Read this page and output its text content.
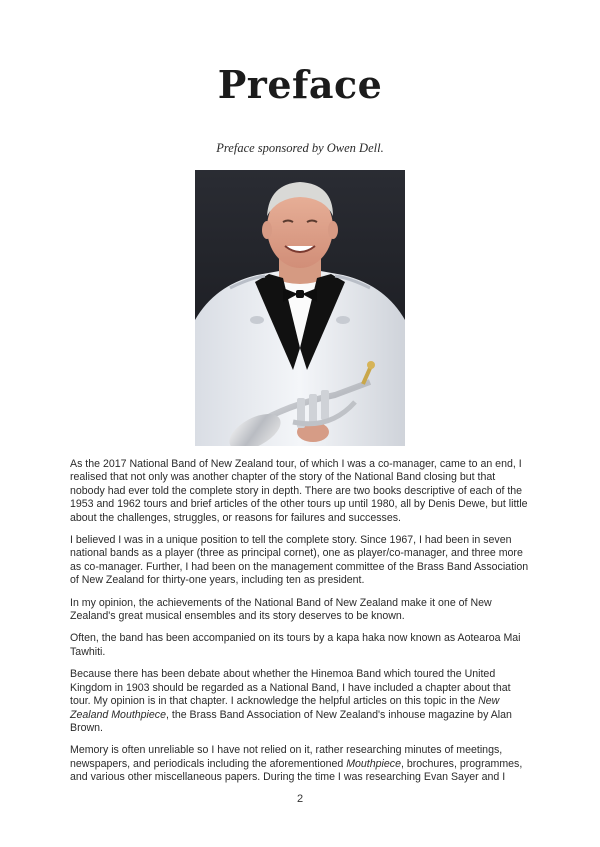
Preface

Preface sponsored by Owen Dell.

As the 2017 National Band of New Zealand tour, of which I was a co-manager, came to an end, I realised that not only was another chapter of the story of the National Band closing but that nobody had ever told the complete story in depth. There are two books descriptive of each of the 1953 and 1962 tours and brief articles of the other tours up until 1980, all by Denis Dewe, but little about the challenges, struggles, or reasons for failures and successes.

I believed I was in a unique position to tell the complete story. Since 1967, I had been in seven national bands as a player (three as principal cornet), one as player/co-manager, and three more as co-manager. Further, I had been on the management committee of the Brass Band Association of New Zealand for thirty-one years, including ten as president.

In my opinion, the achievements of the National Band of New Zealand make it one of New Zealand's great musical ensembles and its story deserves to be known.

Often, the band has been accompanied on its tours by a kapa haka now known as Aotearoa Mai Tawhiti.

Because there has been debate about whether the Hinemoa Band which toured the United Kingdom in 1903 should be regarded as a National Band, I have included a chapter about that tour. My opinion is in that chapter. I acknowledge the helpful articles on this topic in the New Zealand Mouthpiece, the Brass Band Association of New Zealand's inhouse magazine by Alan Brown.

Memory is often unreliable so I have not relied on it, rather researching minutes of meetings, newspapers, and periodicals including the aforementioned Mouthpiece, brochures, programmes, and various other miscellaneous papers. During the time I was researching Evan Sayer and I

2
